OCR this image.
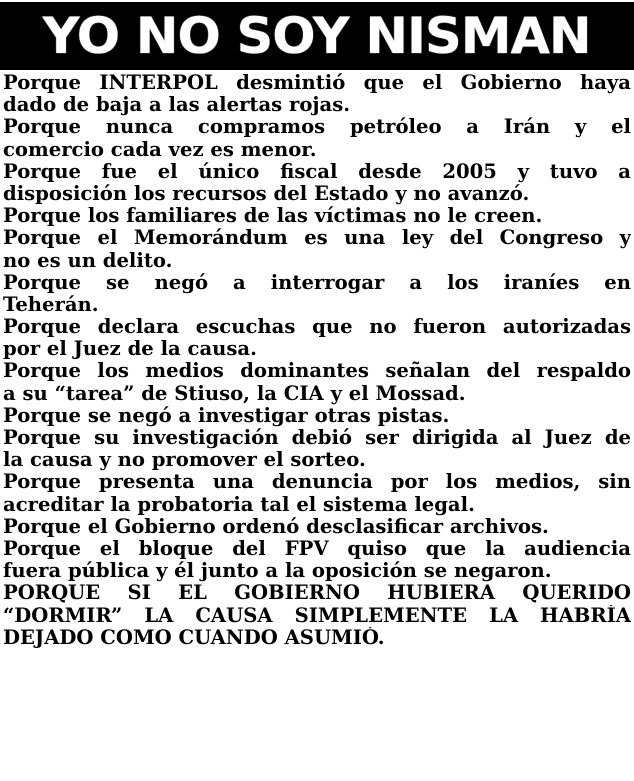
YO NO SOY NISMAN
Porque INTERPOL desmintió que el Gobierno haya
dado de baja a las alertas rojas.
Porque nunca compramos petróleo a Irán y el
comercio cada vez es menor.
Porque fue el único fiscal desde 2005 y tuvo a
disposición los recursos del Estado y no avanzó.
Porque los familiares de las víctimas no le creen.
Porque el Memorándum es una ley del Congreso y
no es un delito.
Porque se negó a interrogar a los iraníes en
Teherán.
Porque declara escuchas que no fueron autorizadas
por el Juez de la causa.
Porque los medios dominantes señalan del respaldo
a su “tarea” de Stiuso, la CIA y el Mossad.
Porque se negó a investigar otras pistas.
Porque su investigación debió ser dirigida al Juez de
la causa y no promover el sorteo.
Porque presenta una denuncia por los medios, sin
acreditar la probatoria tal el sistema legal.
Porque el Gobierno ordenó desclasificar archivos.
Porque el bloque del FPV quiso que la audiencia
fuera pública y él junto a la oposición se negaron.
PORQUE SI EL GOBIERNO HUBIERA QUERIDO
“DORMIR” LA CAUSA SIMPLEMENTE LA HABRÍA
DEJADO COMO CUANDO ASUMIÓ.
